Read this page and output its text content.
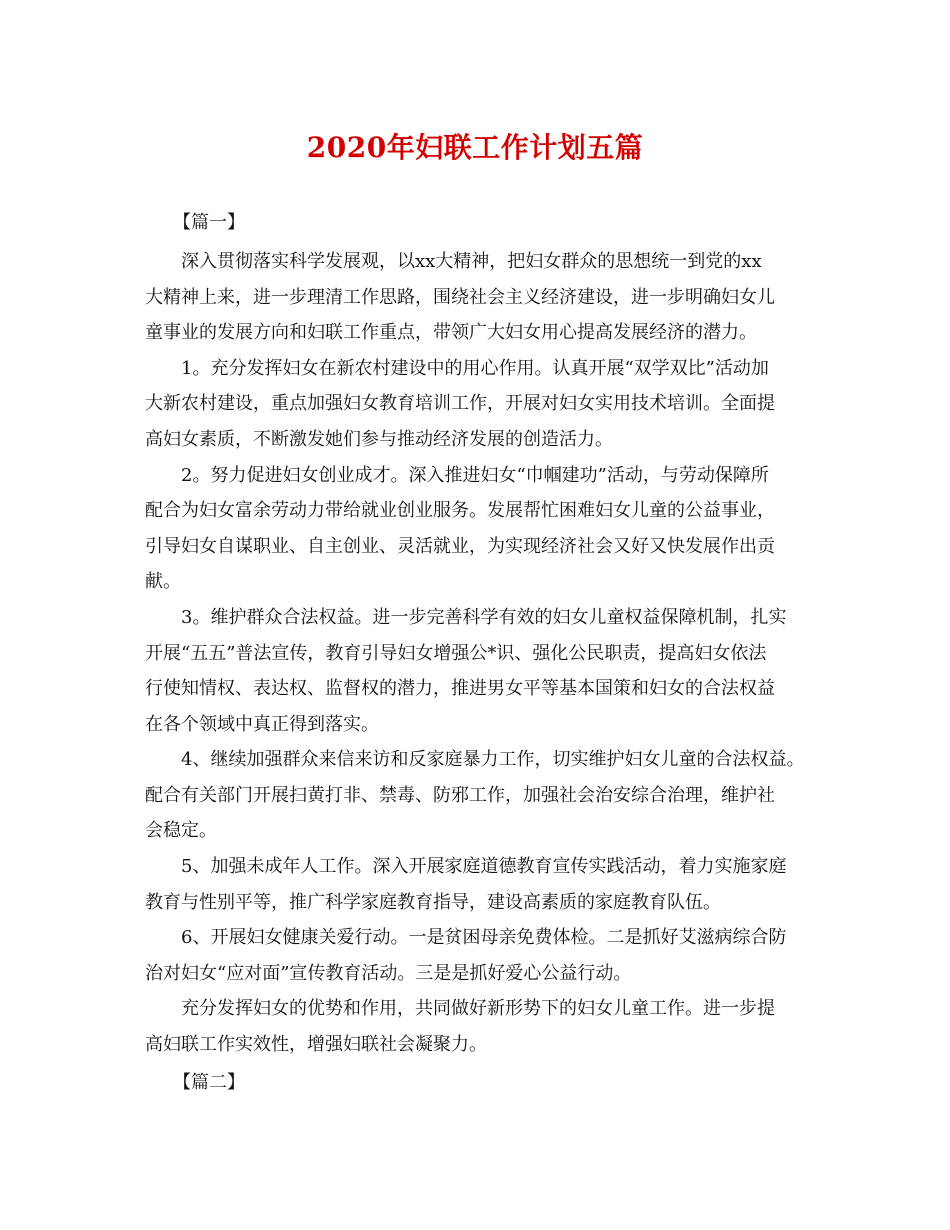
2020年妇联工作计划五篇

【篇一】

深入贯彻落实科学发展观，以xx大精神，把妇女群众的思想统一到党的xx

大精神上来，进一步理清工作思路，围绕社会主义经济建设，进一步明确妇女儿

童事业的发展方向和妇联工作重点，带领广大妇女用心提高发展经济的潜力。

1。充分发挥妇女在新农村建设中的用心作用。认真开展“双学双比”活动加

大新农村建设，重点加强妇女教育培训工作，开展对妇女实用技术培训。全面提

高妇女素质，不断激发她们参与推动经济发展的创造活力。

2。努力促进妇女创业成才。深入推进妇女“巾帼建功”活动，与劳动保障所

配合为妇女富余劳动力带给就业创业服务。发展帮忙困难妇女儿童的公益事业，

引导妇女自谋职业、自主创业、灵活就业，为实现经济社会又好又快发展作出贡

献。

3。维护群众合法权益。进一步完善科学有效的妇女儿童权益保障机制，扎实

开展“五五”普法宣传，教育引导妇女增强公*识、强化公民职责，提高妇女依法

行使知情权、表达权、监督权的潜力，推进男女平等基本国策和妇女的合法权益

在各个领域中真正得到落实。

4、继续加强群众来信来访和反家庭暴力工作，切实维护妇女儿童的合法权益。

配合有关部门开展扫黄打非、禁毒、防邪工作，加强社会治安综合治理，维护社

会稳定。

5、加强未成年人工作。深入开展家庭道德教育宣传实践活动，着力实施家庭

教育与性别平等，推广科学家庭教育指导，建设高素质的家庭教育队伍。

6、开展妇女健康关爱行动。一是贫困母亲免费体检。二是抓好艾滋病综合防

治对妇女“应对面”宣传教育活动。三是是抓好爱心公益行动。

充分发挥妇女的优势和作用，共同做好新形势下的妇女儿童工作。进一步提

高妇联工作实效性，增强妇联社会凝聚力。

【篇二】
